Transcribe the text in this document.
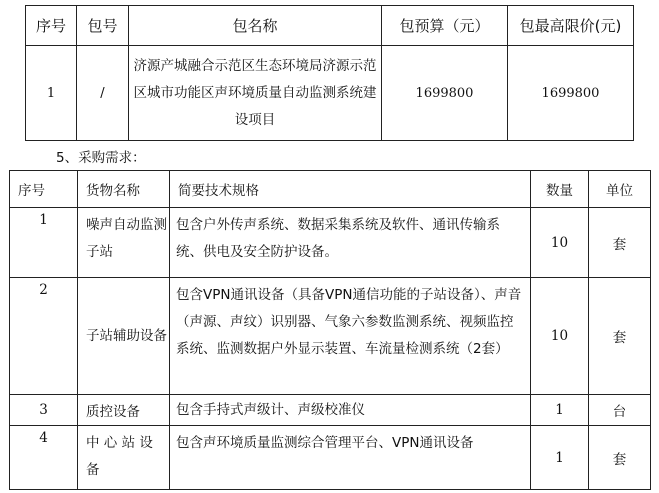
序号	包号	包名称	包预算（元）	包最高限价(元)
1	/	济源产城融合示范区生态环境局济源示范区城市功能区声环境质量自动监测系统建设项目	1699800	1699800
5、采购需求：
序号	货物名称	简要技术规格	数量	单位
1	噪声自动监测子站	包含户外传声系统、数据采集系统及软件、通讯传输系统、供电及安全防护设备。	10	套
2	子站辅助设备	包含VPN通讯设备（具备VPN通信功能的子站设备）、声音（声源、声纹）识别器、气象六参数监测系统、视频监控系统、监测数据户外显示装置、车流量检测系统（2套）	10	套
3	质控设备	包含手持式声级计、声级校准仪	1	台
4	中 心 站 设 备	包含声环境质量监测综合管理平台、VPN通讯设备	1	套
